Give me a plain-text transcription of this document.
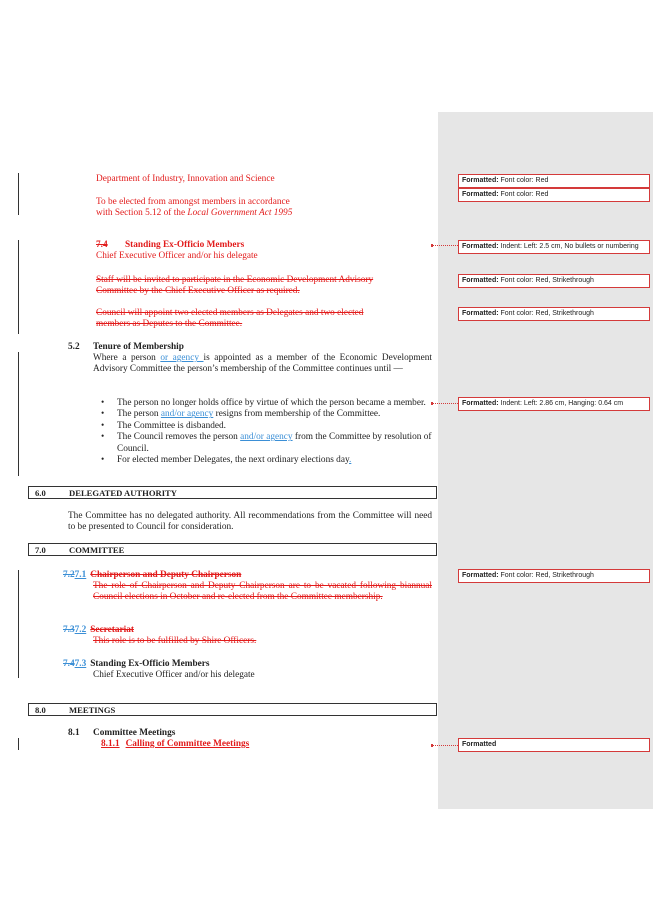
Department of Industry, Innovation and Science
To be elected from amongst members in accordance
with Section 5.12 of the Local Government Act 1995
7.4 Standing Ex-Officio Members
Chief Executive Officer and/or his delegate
Staff will be invited to participate in the Economic Development Advisory
Committee by the Chief Executive Officer as required.
Council will appoint two elected members as Delegates and two elected
members as Deputes to the Committee.
5.2 Tenure of Membership
Where a person or agency is appointed as a member of the Economic Development Advisory Committee the person’s membership of the Committee continues until —
• The person no longer holds office by virtue of which the person became a member.
• The person and/or agency resigns from membership of the Committee.
• The Committee is disbanded.
• The Council removes the person and/or agency from the Committee by resolution of Council.
• For elected member Delegates, the next ordinary elections day.
6.0	DELEGATED AUTHORITY
The Committee has no delegated authority. All recommendations from the Committee will need to be presented to Council for consideration.
7.0	COMMITTEE
7.27.1 Chairperson and Deputy Chairperson
The role of Chairperson and Deputy Chairperson are to be vacated following biannual Council elections in October and re-elected from the Committee membership.
7.37.2 Secretariat
This role is to be fulfilled by Shire Officers.
7.47.3 Standing Ex-Officio Members
Chief Executive Officer and/or his delegate
8.0	MEETINGS
8.1 Committee Meetings
8.1.1 Calling of Committee Meetings
Formatted: Font color: Red
Formatted: Font color: Red
Formatted: Indent: Left: 2.5 cm, No bullets or numbering
Formatted: Font color: Red, Strikethrough
Formatted: Font color: Red, Strikethrough
Formatted: Indent: Left: 2.86 cm, Hanging: 0.64 cm
Formatted: Font color: Red, Strikethrough
Formatted
